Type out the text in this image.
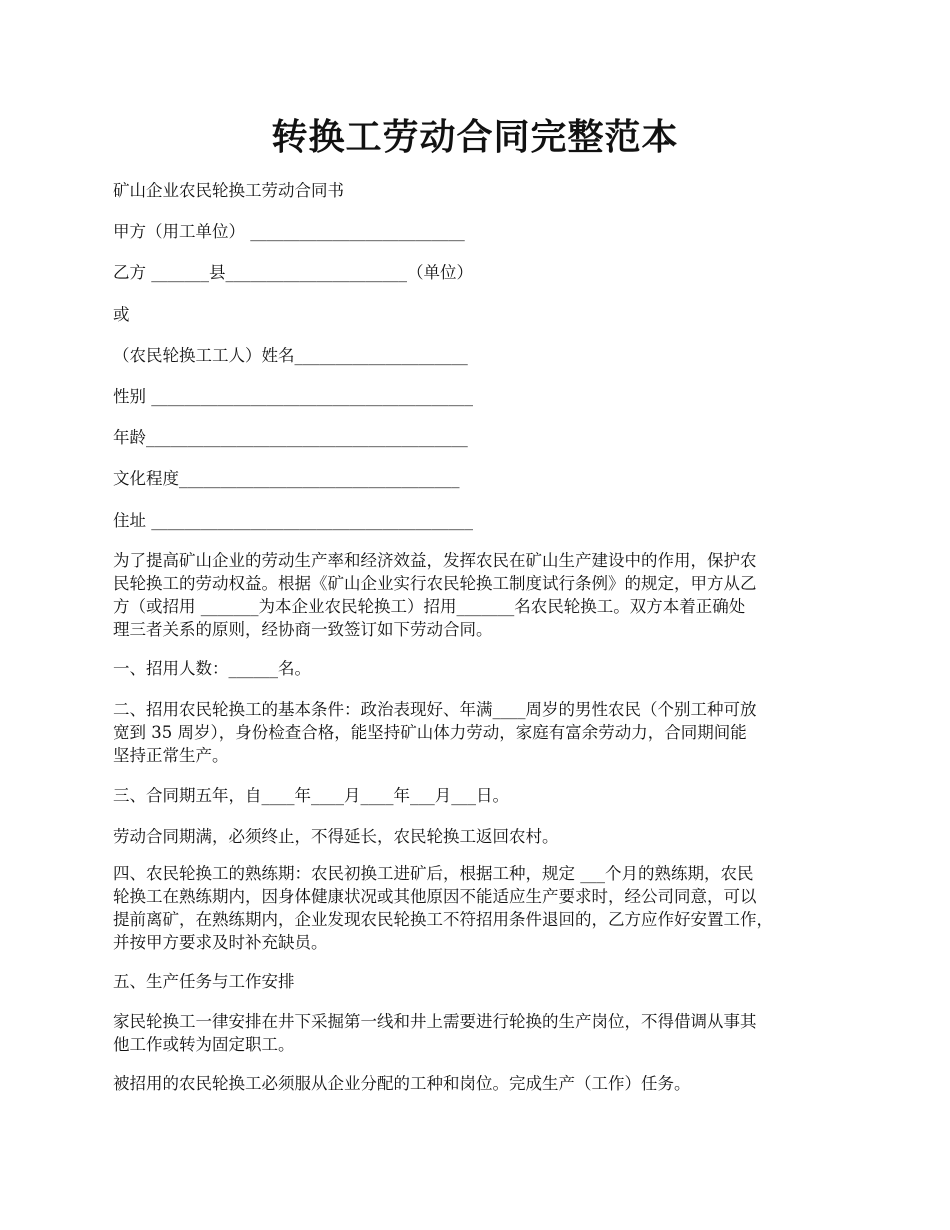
转换工劳动合同完整范本
矿山企业农民轮换工劳动合同书
甲方（用工单位） __________________________
乙方 _______县______________________（单位）
或
（农民轮换工工人）姓名_____________________
性别 _______________________________________
年龄_______________________________________
文化程度__________________________________
住址 _______________________________________
为了提高矿山企业的劳动生产率和经济效益，发挥农民在矿山生产建设中的作用，保护农
民轮换工的劳动权益。根据《矿山企业实行农民轮换工制度试行条例》的规定，甲方从乙
方（或招用 _______为本企业农民轮换工）招用_______名农民轮换工。双方本着正确处
理三者关系的原则，经协商一致签订如下劳动合同。
一、招用人数：______名。
二、招用农民轮换工的基本条件：政治表现好、年满____周岁的男性农民（个别工种可放
宽到 35 周岁），身份检查合格，能坚持矿山体力劳动，家庭有富余劳动力，合同期间能
坚持正常生产。
三、合同期五年，自____年____月____年___月___日。
劳动合同期满，必须终止，不得延长，农民轮换工返回农村。
四、农民轮换工的熟练期：农民初换工进矿后，根据工种，规定 ___个月的熟练期，农民
轮换工在熟练期内，因身体健康状况或其他原因不能适应生产要求时，经公司同意，可以
提前离矿，在熟练期内，企业发现农民轮换工不符招用条件退回的，乙方应作好安置工作，
并按甲方要求及时补充缺员。
五、生产任务与工作安排
家民轮换工一律安排在井下采掘第一线和井上需要进行轮换的生产岗位，不得借调从事其
他工作或转为固定职工。
被招用的农民轮换工必须服从企业分配的工种和岗位。完成生产（工作）任务。
